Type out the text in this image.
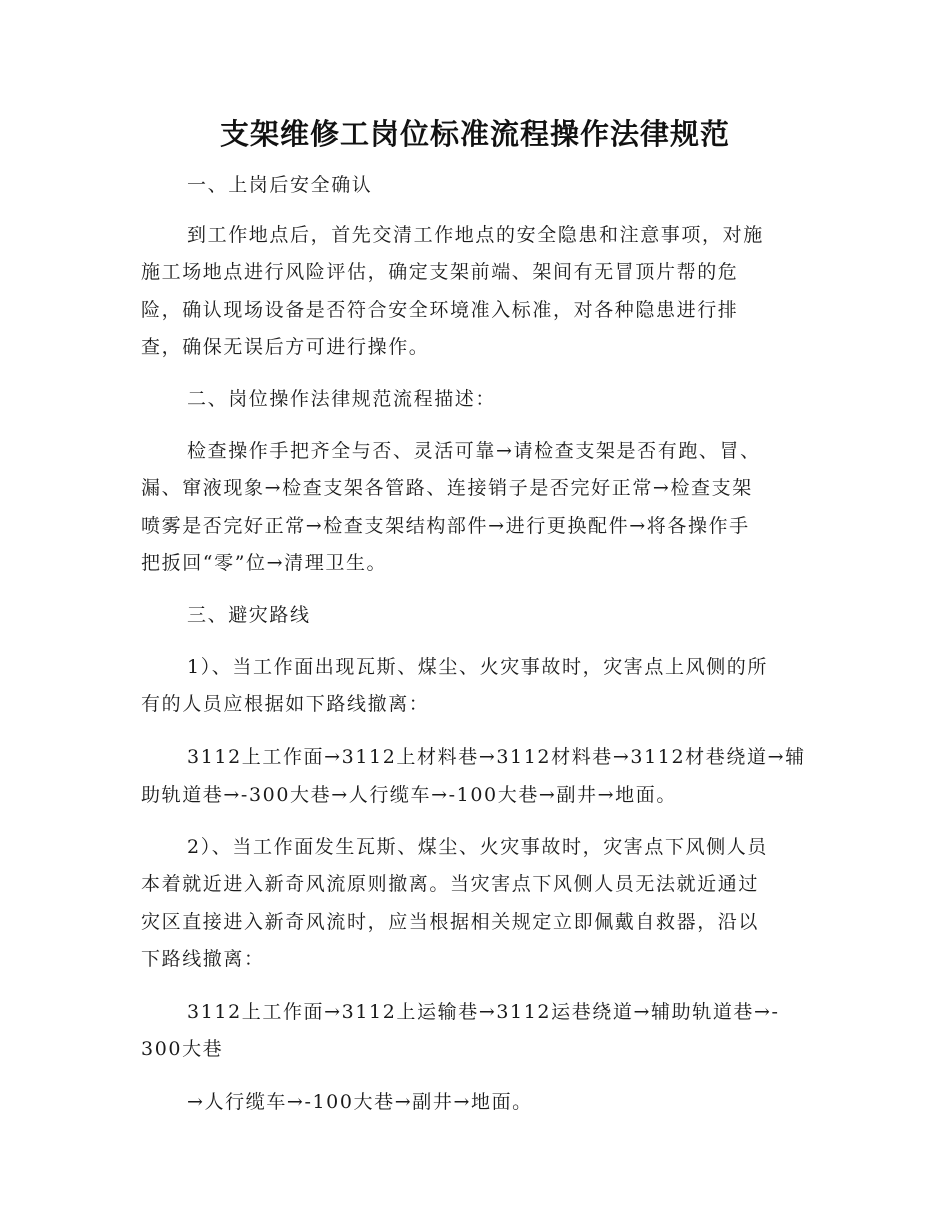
支架维修工岗位标准流程操作法律规范

一、上岗后安全确认

到工作地点后，首先交清工作地点的安全隐患和注意事项，对施

施工场地点进行风险评估，确定支架前端、架间有无冒顶片帮的危

险，确认现场设备是否符合安全环境准入标准，对各种隐患进行排

查，确保无误后方可进行操作。

二、岗位操作法律规范流程描述：

检查操作手把齐全与否、灵活可靠→请检查支架是否有跑、冒、

漏、窜液现象→检查支架各管路、连接销子是否完好正常→检查支架

喷雾是否完好正常→检查支架结构部件→进行更换配件→将各操作手

把扳回“零”位→清理卫生。

三、避灾路线

1）、当工作面出现瓦斯、煤尘、火灾事故时，灾害点上风侧的所

有的人员应根据如下路线撤离：

3112上工作面→3112上材料巷→3112材料巷→3112材巷绕道→辅

助轨道巷→-300大巷→人行缆车→-100大巷→副井→地面。

2）、当工作面发生瓦斯、煤尘、火灾事故时，灾害点下风侧人员

本着就近进入新奇风流原则撤离。当灾害点下风侧人员无法就近通过

灾区直接进入新奇风流时，应当根据相关规定立即佩戴自救器，沿以

下路线撤离：

3112上工作面→3112上运输巷→3112运巷绕道→辅助轨道巷→-

300大巷

→人行缆车→-100大巷→副井→地面。
